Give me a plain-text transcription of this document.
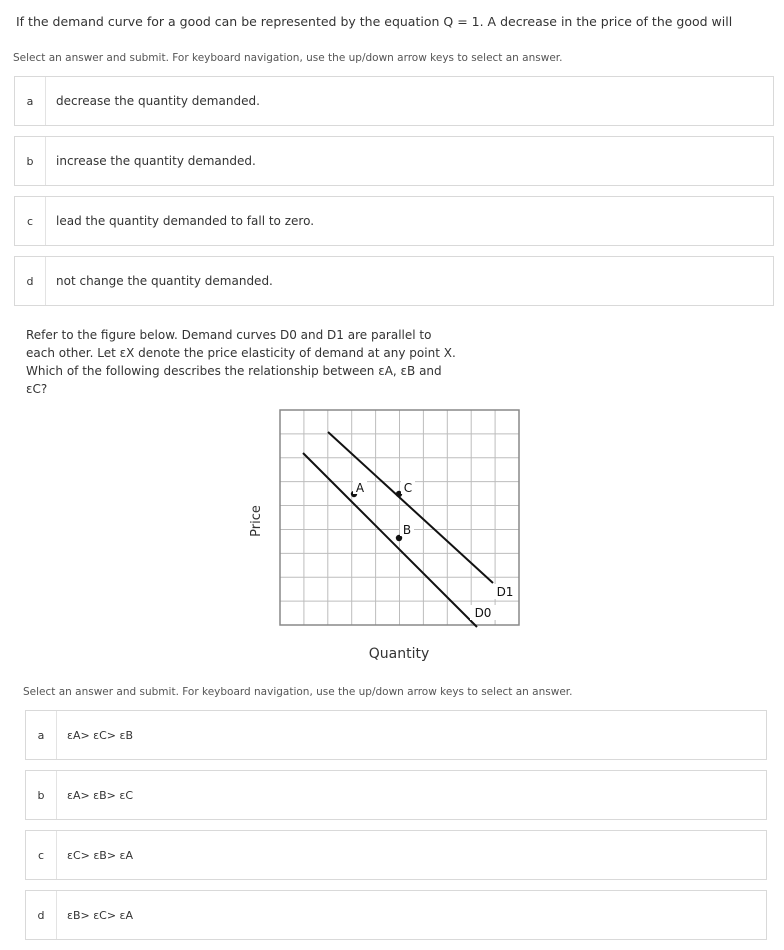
If the demand curve for a good can be represented by the equation Q = 1. A decrease in the price of the good will
Select an answer and submit. For keyboard navigation, use the up/down arrow keys to select an answer.
a	decrease the quantity demanded.
b	increase the quantity demanded.
c	lead the quantity demanded to fall to zero.
d	not change the quantity demanded.
Refer to the figure below. Demand curves D0 and D1 are parallel to each other. Let εX denote the price elasticity of demand at any point X. Which of the following describes the relationship between εA, εB and εC?
A	C
B
D1
D0
Price
Quantity
Select an answer and submit. For keyboard navigation, use the up/down arrow keys to select an answer.
a	εA> εC> εB
b	εA> εB> εC
c	εC> εB> εA
d	εB> εC> εA
